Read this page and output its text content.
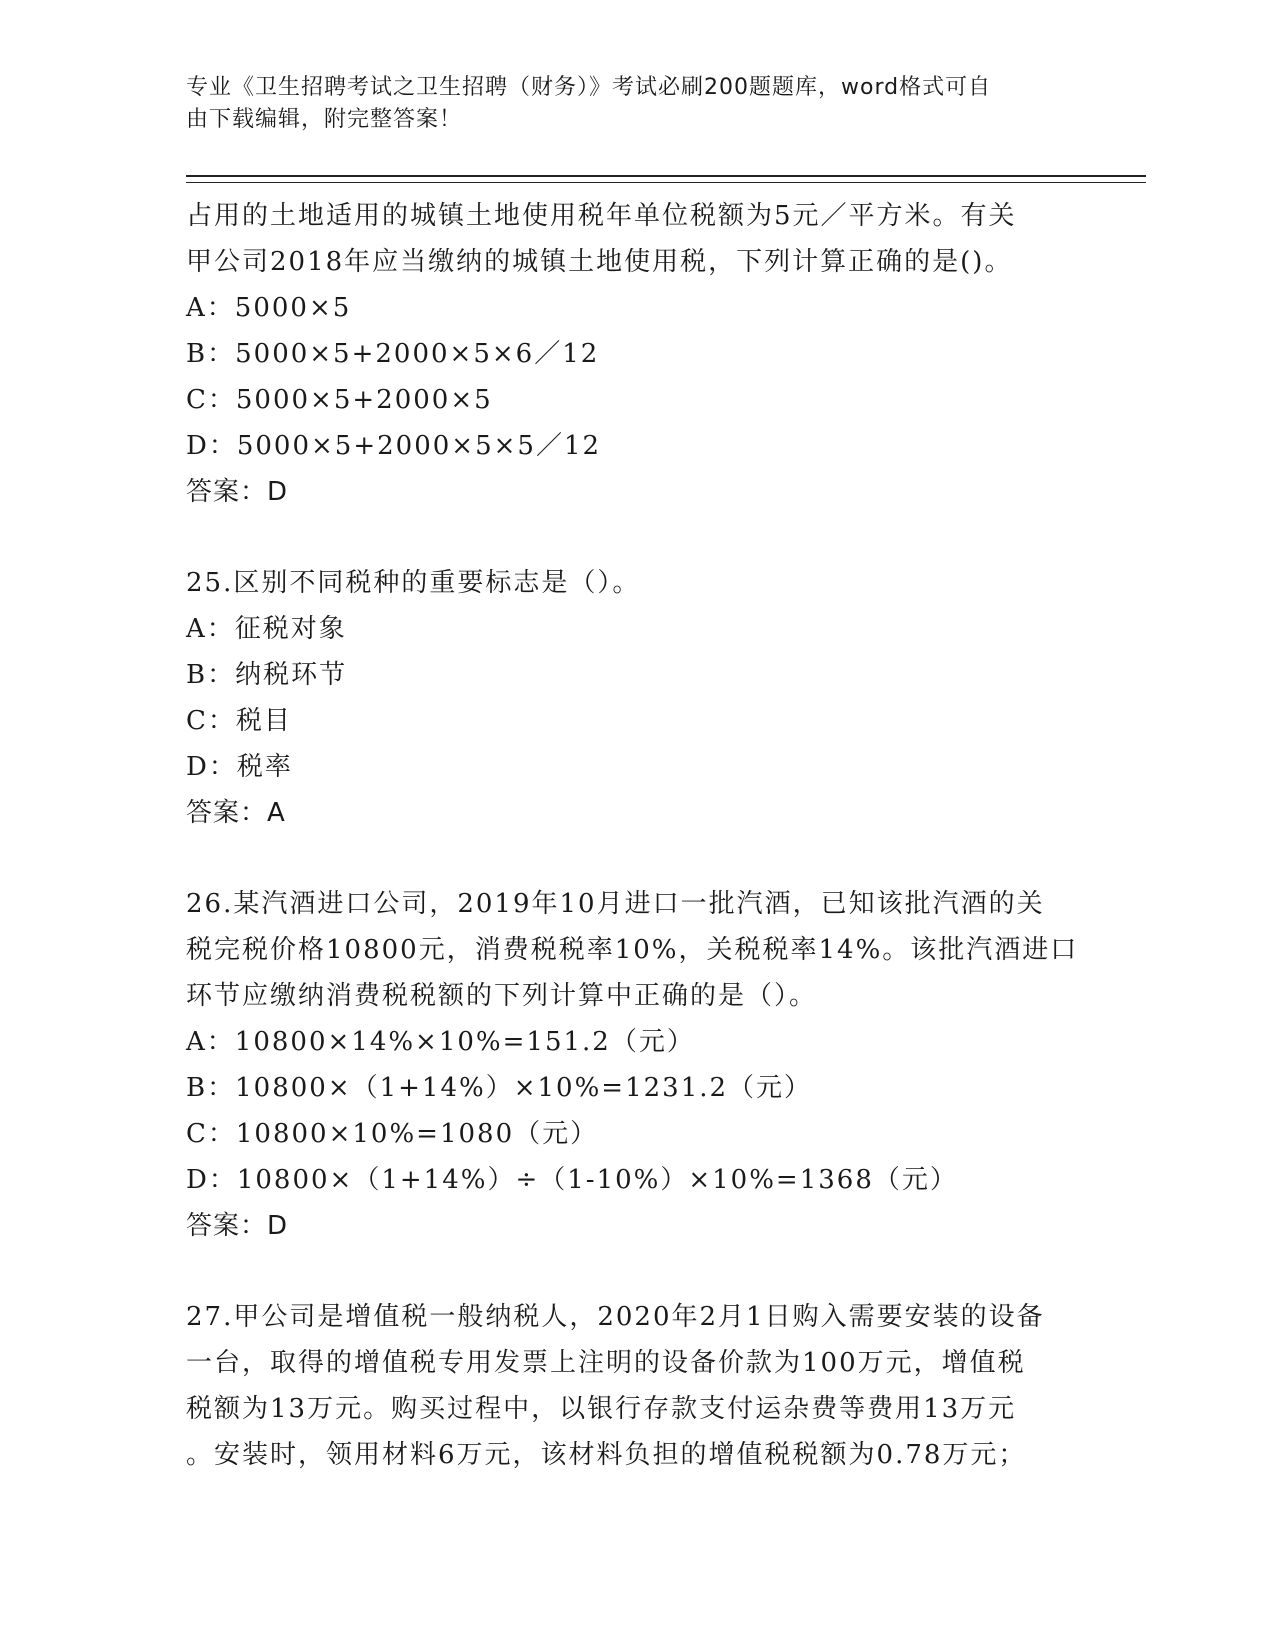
专业《卫生招聘考试之卫生招聘（财务）》考试必刷200题题库，word格式可自
由下载编辑，附完整答案！

占用的土地适用的城镇土地使用税年单位税额为5元／平方米。有关

甲公司2018年应当缴纳的城镇土地使用税，下列计算正确的是()。

A：5000×5

B：5000×5+2000×5×6／12

C：5000×5+2000×5

D：5000×5+2000×5×5／12

答案：D

25.区别不同税种的重要标志是（）。

A：征税对象

B：纳税环节

C：税目

D：税率

答案：A

26.某汽酒进口公司，2019年10月进口一批汽酒，已知该批汽酒的关

税完税价格10800元，消费税税率10%，关税税率14%。该批汽酒进口

环节应缴纳消费税税额的下列计算中正确的是（）。

A：10800×14%×10%=151.2（元）

B：10800×（1+14%）×10%=1231.2（元）

C：10800×10%=1080（元）

D：10800×（1+14%）÷（1-10%）×10%=1368（元）

答案：D

27.甲公司是增值税一般纳税人，2020年2月1日购入需要安装的设备

一台，取得的增值税专用发票上注明的设备价款为100万元，增值税

税额为13万元。购买过程中，以银行存款支付运杂费等费用13万元

。安装时，领用材料6万元，该材料负担的增值税税额为0.78万元；
